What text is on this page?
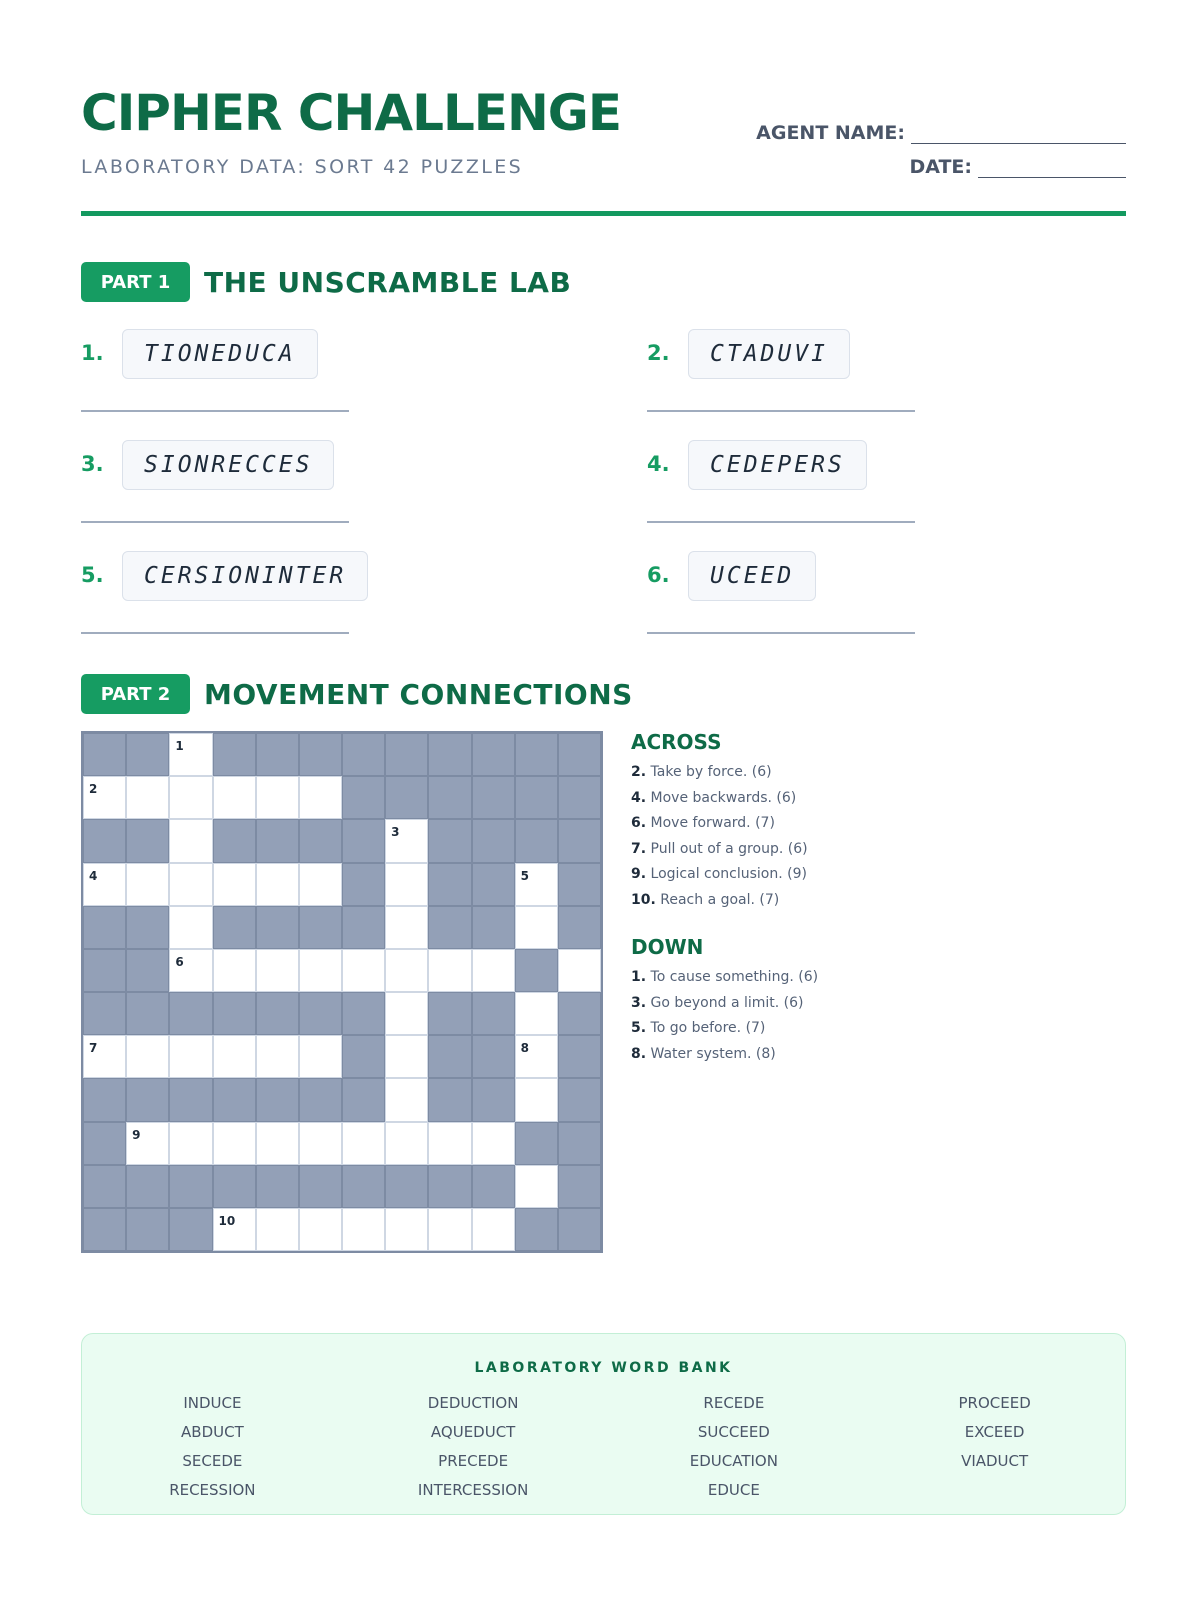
CIPHER CHALLENGE
LABORATORY DATA: SORT 42 PUZZLES
AGENT NAME:
DATE:
PART 1	THE UNSCRAMBLE LAB
1.	TIONEDUCA	2.	CTADUVI
3.	SIONRECCES	4.	CEDEPERS
5.	CERSIONINTER	6.	UCEED
PART 2	MOVEMENT CONNECTIONS
1
2
3
4	5
6
7	8
9
10
ACROSS
2. Take by force. (6)
4. Move backwards. (6)
6. Move forward. (7)
7. Pull out of a group. (6)
9. Logical conclusion. (9)
10. Reach a goal. (7)
DOWN
1. To cause something. (6)
3. Go beyond a limit. (6)
5. To go before. (7)
8. Water system. (8)
LABORATORY WORD BANK
INDUCE
ABDUCT
SECEDE
RECESSION
DEDUCTION
AQUEDUCT
PRECEDE
INTERCESSION
RECEDE
SUCCEED
EDUCATION
EDUCE
PROCEED
EXCEED
VIADUCT
